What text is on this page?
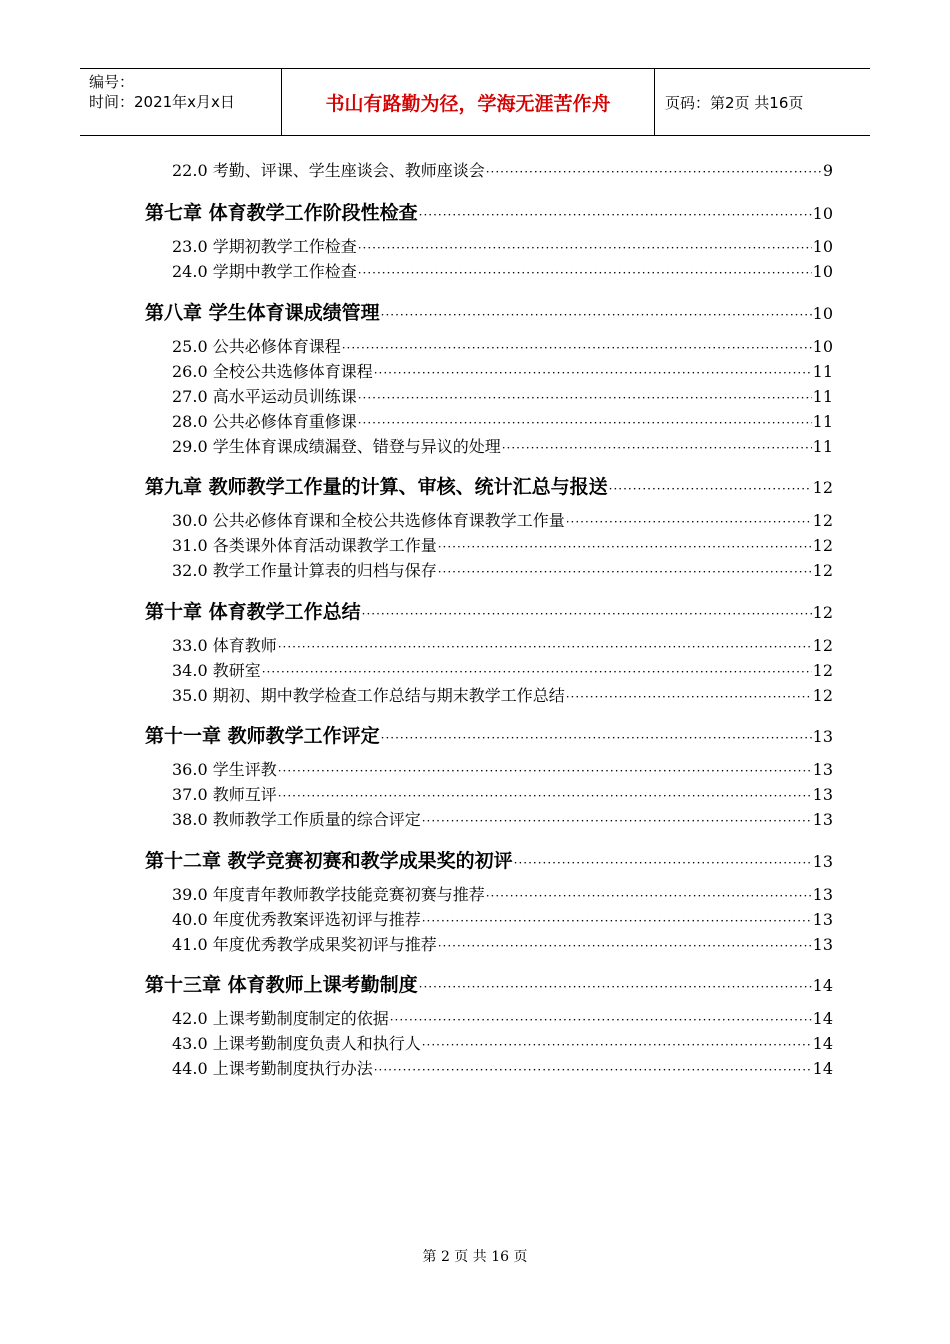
编号：
时间：2021年x月x日	书山有路勤为径，学海无涯苦作舟	页码：第2页 共16页
22.0 考勤、评课、学生座谈会、教师座谈会 ·····	9
第七章 体育教学工作阶段性检查 ·····	10
23.0 学期初教学工作检查 ·····	10
24.0 学期中教学工作检查 ·····	10
第八章 学生体育课成绩管理 ·····	10
25.0 公共必修体育课程 ·····	10
26.0 全校公共选修体育课程 ·····	11
27.0 高水平运动员训练课 ·····	11
28.0 公共必修体育重修课 ·····	11
29.0 学生体育课成绩漏登、错登与异议的处理 ·····	11
第九章 教师教学工作量的计算、审核、统计汇总与报送 ·····	12
30.0 公共必修体育课和全校公共选修体育课教学工作量 ·····	12
31.0 各类课外体育活动课教学工作量 ·····	12
32.0 教学工作量计算表的归档与保存 ·····	12
第十章 体育教学工作总结 ·····	12
33.0 体育教师 ·····	12
34.0 教研室 ·····	12
35.0 期初、期中教学检查工作总结与期末教学工作总结 ·····	12
第十一章 教师教学工作评定 ·····	13
36.0 学生评教 ·····	13
37.0 教师互评 ·····	13
38.0 教师教学工作质量的综合评定 ·····	13
第十二章 教学竞赛初赛和教学成果奖的初评 ·····	13
39.0 年度青年教师教学技能竞赛初赛与推荐 ·····	13
40.0 年度优秀教案评选初评与推荐 ·····	13
41.0 年度优秀教学成果奖初评与推荐 ·····	13
第十三章 体育教师上课考勤制度 ·····	14
42.0 上课考勤制度制定的依据 ·····	14
43.0 上课考勤制度负责人和执行人 ·····	14
44.0 上课考勤制度执行办法 ·····	14
第 2 页 共 16 页
